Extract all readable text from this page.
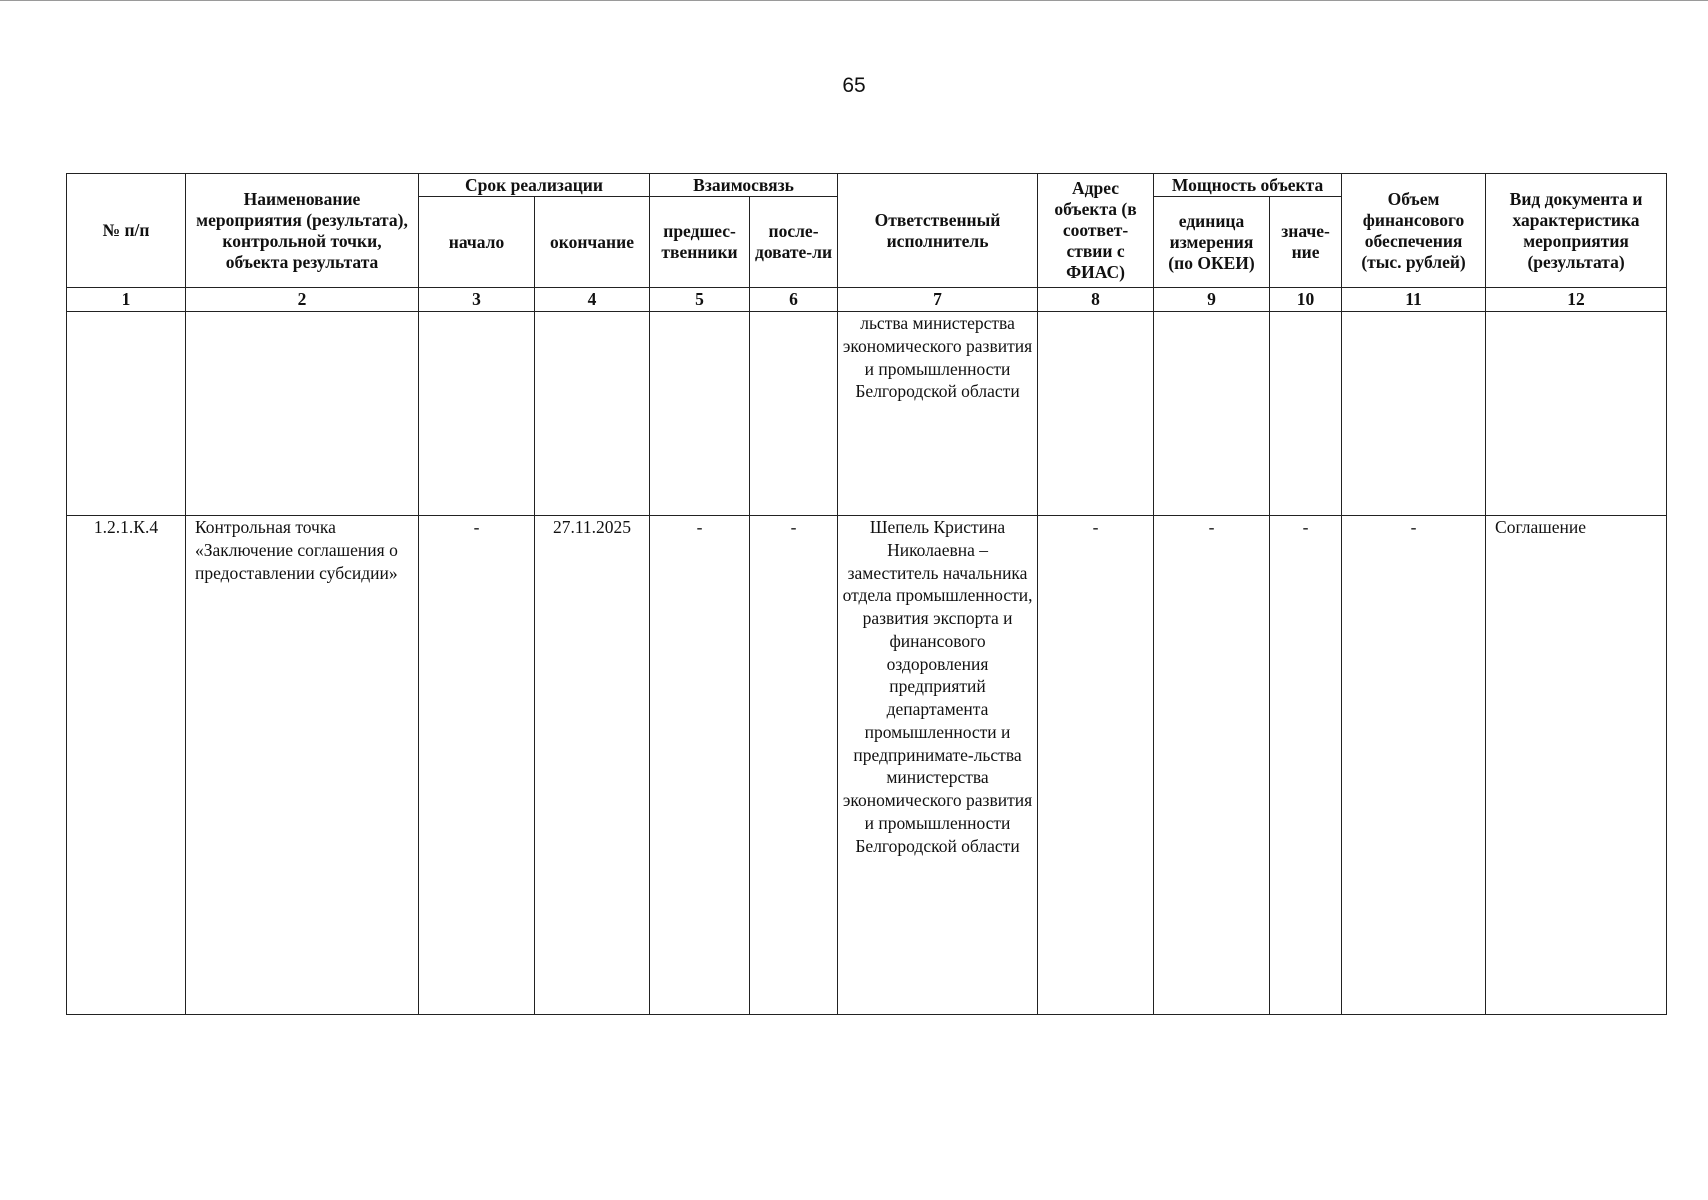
65
№ п/п	Наименование мероприятия (результата), контрольной точки, объекта результата	Срок реализации		Взаимосвязь		Ответственный исполнитель	Адрес объекта (в соответ-ствии с ФИАС)	Мощность объекта		Объем финансового обеспечения (тыс. рублей)	Вид документа и характеристика мероприятия (результата)
		начало	окончание	предшес-твенники	после-довате-ли			единица измерения (по ОКЕИ)	значе-ние		
1	2	3	4	5	6	7	8	9	10	11	12
						льства министерства экономического развития и промышленности Белгородской области					
1.2.1.К.4	Контрольная точка «Заключение соглашения о предоставлении субсидии»	-	27.11.2025	-	-	Шепель Кристина Николаевна – заместитель начальника отдела промышленности, развития экспорта и финансового оздоровления предприятий департамента промышленности и предпринимате-льства министерства экономического развития и промышленности Белгородской области	-	-	-	-	Соглашение
